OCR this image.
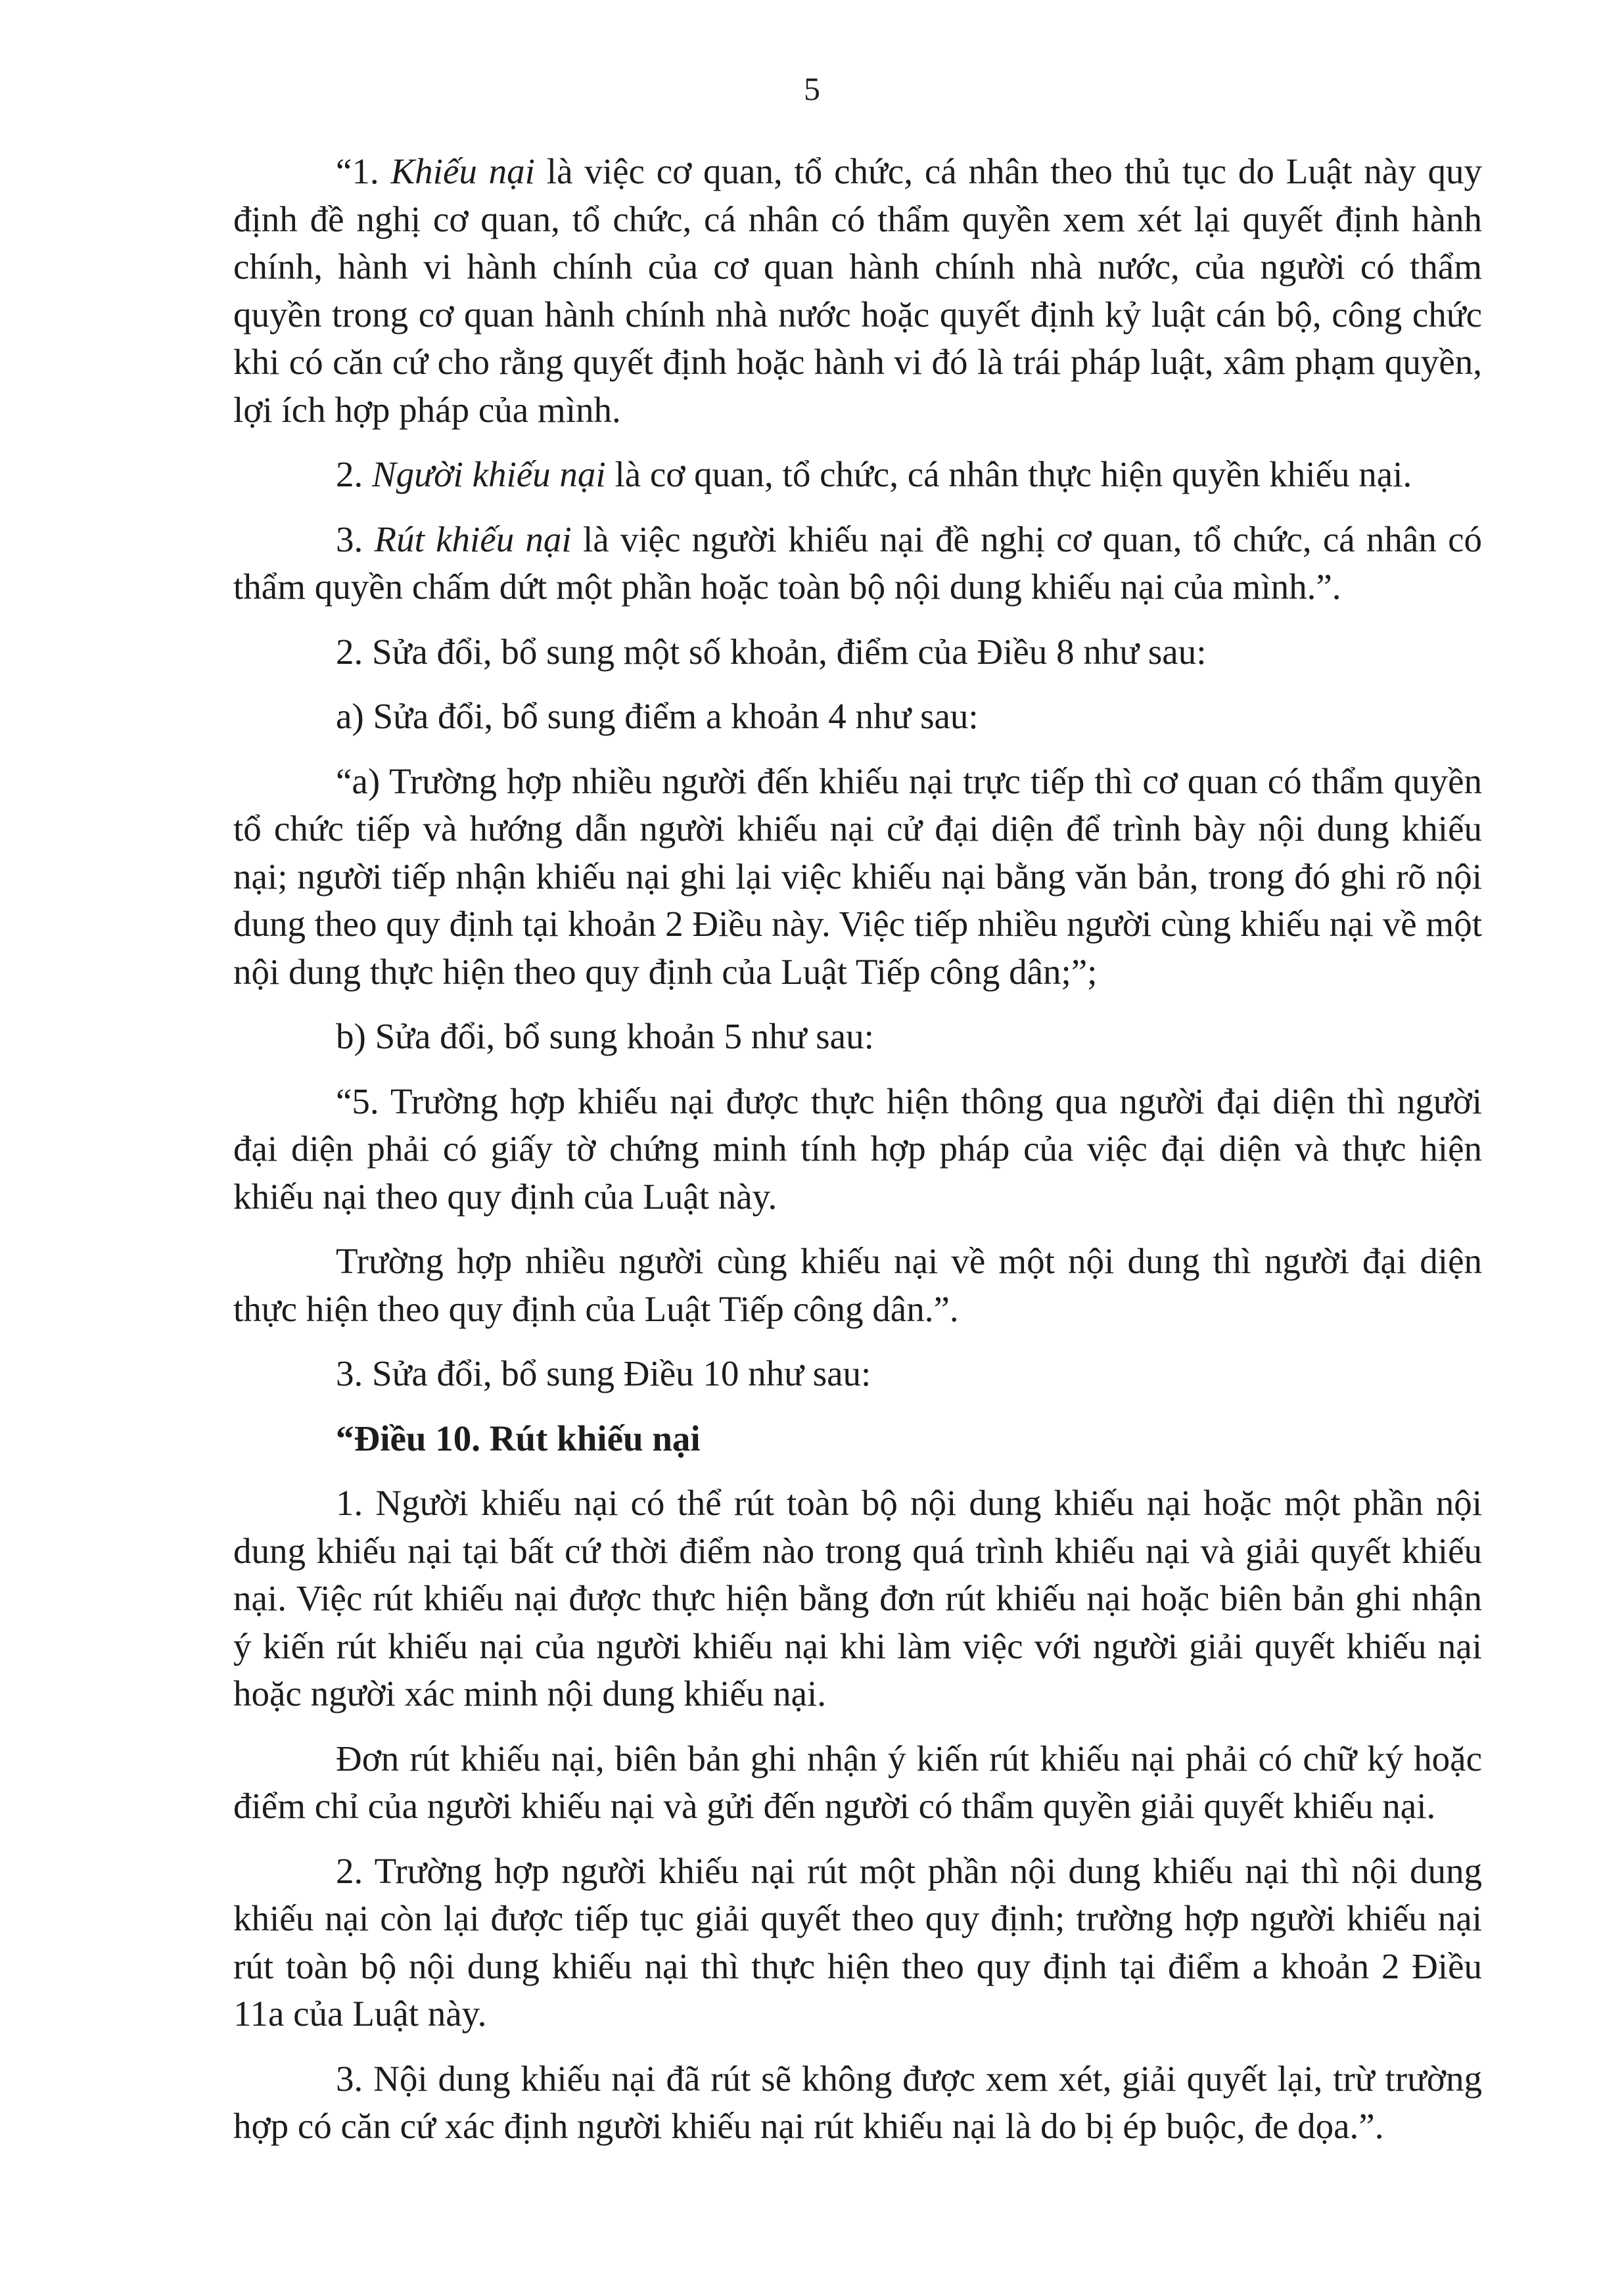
5

“1. Khiếu nại là việc cơ quan, tổ chức, cá nhân theo thủ tục do Luật này quy định đề nghị cơ quan, tổ chức, cá nhân có thẩm quyền xem xét lại quyết định hành chính, hành vi hành chính của cơ quan hành chính nhà nước, của người có thẩm quyền trong cơ quan hành chính nhà nước hoặc quyết định kỷ luật cán bộ, công chức khi có căn cứ cho rằng quyết định hoặc hành vi đó là trái pháp luật, xâm phạm quyền, lợi ích hợp pháp của mình.

2. Người khiếu nại là cơ quan, tổ chức, cá nhân thực hiện quyền khiếu nại.

3. Rút khiếu nại là việc người khiếu nại đề nghị cơ quan, tổ chức, cá nhân có thẩm quyền chấm dứt một phần hoặc toàn bộ nội dung khiếu nại của mình.”.

2. Sửa đổi, bổ sung một số khoản, điểm của Điều 8 như sau:

a) Sửa đổi, bổ sung điểm a khoản 4 như sau:

“a) Trường hợp nhiều người đến khiếu nại trực tiếp thì cơ quan có thẩm quyền tổ chức tiếp và hướng dẫn người khiếu nại cử đại diện để trình bày nội dung khiếu nại; người tiếp nhận khiếu nại ghi lại việc khiếu nại bằng văn bản, trong đó ghi rõ nội dung theo quy định tại khoản 2 Điều này. Việc tiếp nhiều người cùng khiếu nại về một nội dung thực hiện theo quy định của Luật Tiếp công dân;”;

b) Sửa đổi, bổ sung khoản 5 như sau:

“5. Trường hợp khiếu nại được thực hiện thông qua người đại diện thì người đại diện phải có giấy tờ chứng minh tính hợp pháp của việc đại diện và thực hiện khiếu nại theo quy định của Luật này.

Trường hợp nhiều người cùng khiếu nại về một nội dung thì người đại diện thực hiện theo quy định của Luật Tiếp công dân.”.

3. Sửa đổi, bổ sung Điều 10 như sau:

“Điều 10. Rút khiếu nại

1. Người khiếu nại có thể rút toàn bộ nội dung khiếu nại hoặc một phần nội dung khiếu nại tại bất cứ thời điểm nào trong quá trình khiếu nại và giải quyết khiếu nại. Việc rút khiếu nại được thực hiện bằng đơn rút khiếu nại hoặc biên bản ghi nhận ý kiến rút khiếu nại của người khiếu nại khi làm việc với người giải quyết khiếu nại hoặc người xác minh nội dung khiếu nại.

Đơn rút khiếu nại, biên bản ghi nhận ý kiến rút khiếu nại phải có chữ ký hoặc điểm chỉ của người khiếu nại và gửi đến người có thẩm quyền giải quyết khiếu nại.

2. Trường hợp người khiếu nại rút một phần nội dung khiếu nại thì nội dung khiếu nại còn lại được tiếp tục giải quyết theo quy định; trường hợp người khiếu nại rút toàn bộ nội dung khiếu nại thì thực hiện theo quy định tại điểm a khoản 2 Điều 11a của Luật này.

3. Nội dung khiếu nại đã rút sẽ không được xem xét, giải quyết lại, trừ trường hợp có căn cứ xác định người khiếu nại rút khiếu nại là do bị ép buộc, đe dọa.”.
